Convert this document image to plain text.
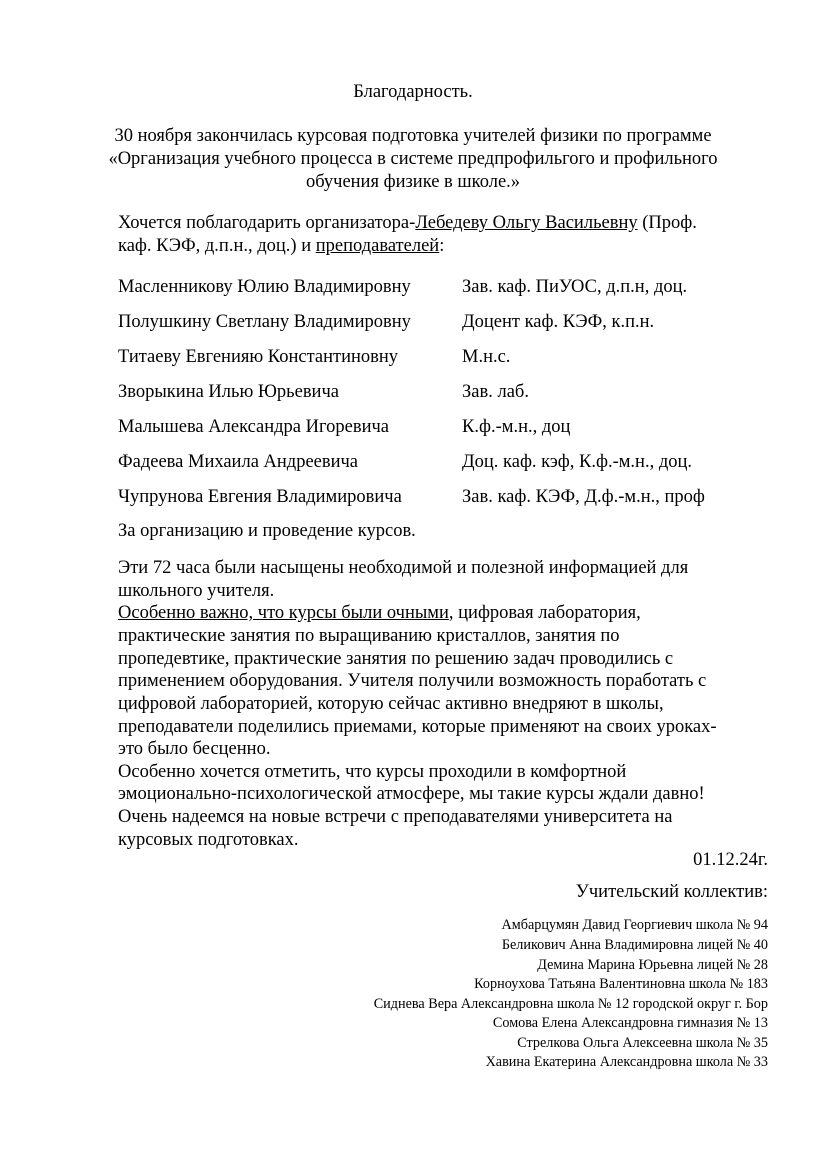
Благодарность.
30 ноября закончилась курсовая подготовка учителей физики по программе
«Организация учебного процесса в системе предпрофильгого и профильного
обучения физике в школе.»
Хочется поблагодарить организатора-Лебедеву Ольгу Васильевну (Проф.
каф. КЭФ, д.п.н., доц.) и преподавателей:
Масленникову Юлию Владимировну	Зав. каф. ПиУОС, д.п.н, доц.
Полушкину Светлану Владимировну	Доцент каф. КЭФ, к.п.н.
Титаеву Евгенияю Константиновну	М.н.с.
Зворыкина Илью Юрьевича	Зав. лаб.
Малышева Александра Игоревича	К.ф.-м.н., доц
Фадеева Михаила Андреевича	Доц. каф. кэф, К.ф.-м.н., доц.
Чупрунова Евгения Владимировича	Зав. каф. КЭФ, Д.ф.-м.н., проф
За организацию и проведение курсов.
Эти 72 часа были насыщены необходимой и полезной информацией для
школьного учителя.
Особенно важно, что курсы были очными, цифровая лаборатория,
практические занятия по выращиванию кристаллов, занятия по
пропедевтике, практические занятия по решению задач проводились с
применением оборудования. Учителя получили возможность поработать с
цифровой лабораторией, которую сейчас активно внедряют в школы,
преподаватели поделились приемами, которые применяют на своих уроках-
это было бесценно.
Особенно хочется отметить, что курсы проходили в комфортной
эмоционально-психологической атмосфере, мы такие курсы ждали давно!
Очень надеемся на новые встречи с преподавателями университета на
курсовых подготовках.
01.12.24г.
Учительский коллектив:
Амбарцумян Давид Георгиевич школа № 94
Беликович Анна Владимировна лицей № 40
Демина Марина Юрьевна лицей № 28
Корноухова Татьяна Валентиновна школа № 183
Сиднева Вера Александровна школа № 12 городской округ г. Бор
Сомова Елена Александровна гимназия № 13
Стрелкова Ольга Алексеевна школа № 35
Хавина Екатерина Александровна школа № 33
